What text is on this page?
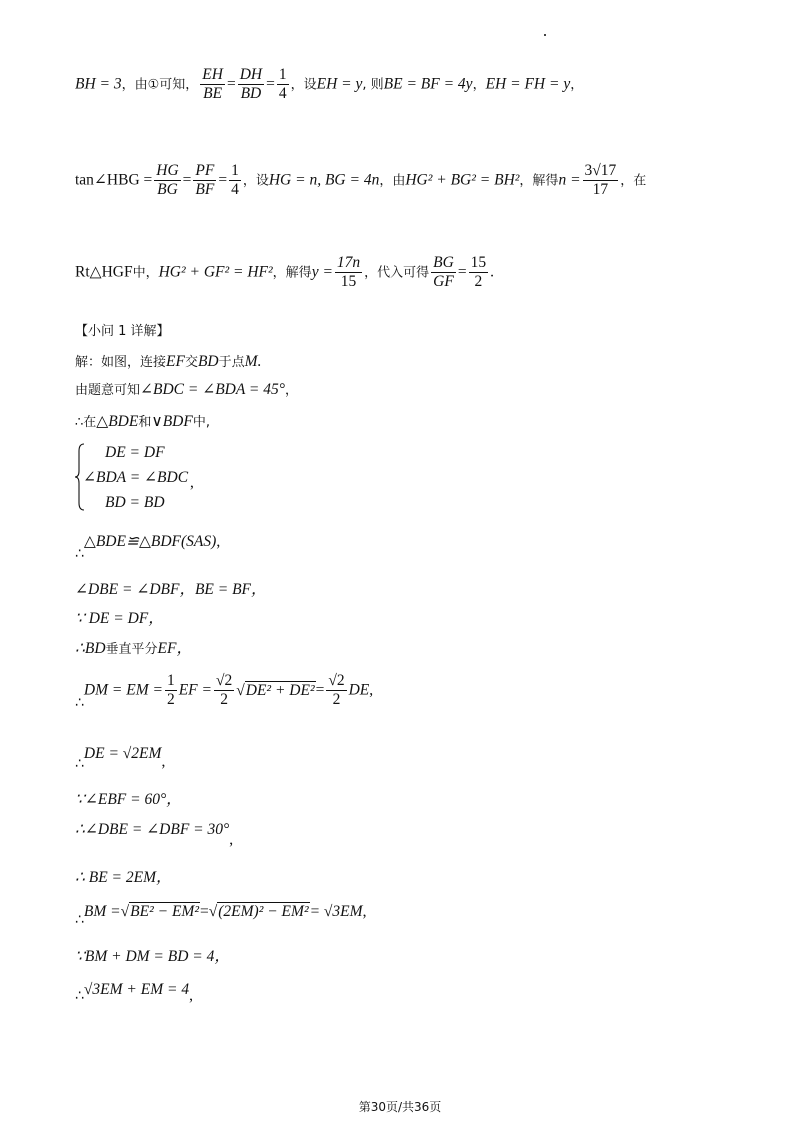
BH = 3，由①可知， $\frac{EH}{BE} = \frac{DH}{BD} = \frac{1}{4}$ ，设EH = y, 则BE = BF = 4y，EH = FH = y，
tan∠HBG = $\frac{HG}{BG} = \frac{PF}{BF} = \frac{1}{4}$ ，设HG = n, BG = 4n，由HG² + BG² = BH²，解得$n = \frac{3√17}{17}$ ，在
Rt△HGF中，HG² + GF² = HF²，解得$y = \frac{17n}{15}$ ，代入可得 $\frac{BG}{GF} = \frac{15}{2}$ .
【小问 1 详解】
解：如图，连接EF交BD于点M.
由题意可知∠BDC = ∠BDA = 45°，
∴在△BDE和∨BDF中,
DE = DF
∠BDA = ∠BDC
BD = BD
,
∴△BDE≌△BDF(SAS),
∠DBE = ∠DBF，BE = BF，
∵ DE = DF，
∴BD垂直平分EF，
∴DM = EM = $\frac{1}{2}$ EF = $\frac{√2}{2} √DE^2 + DE^2= \frac{√2}{2}$ DE,
∴DE = √2EM,
∵∠EBF = 60°，
∴∠DBE = ∠DBF = 30°,
∴ BE = 2EM，
∴BM =√BE² − EM²=√(2EM)² − EM²= √3EM,
∵BM + DM = BD = 4，
∴√3EM + EM = 4,
第30页/共36页
